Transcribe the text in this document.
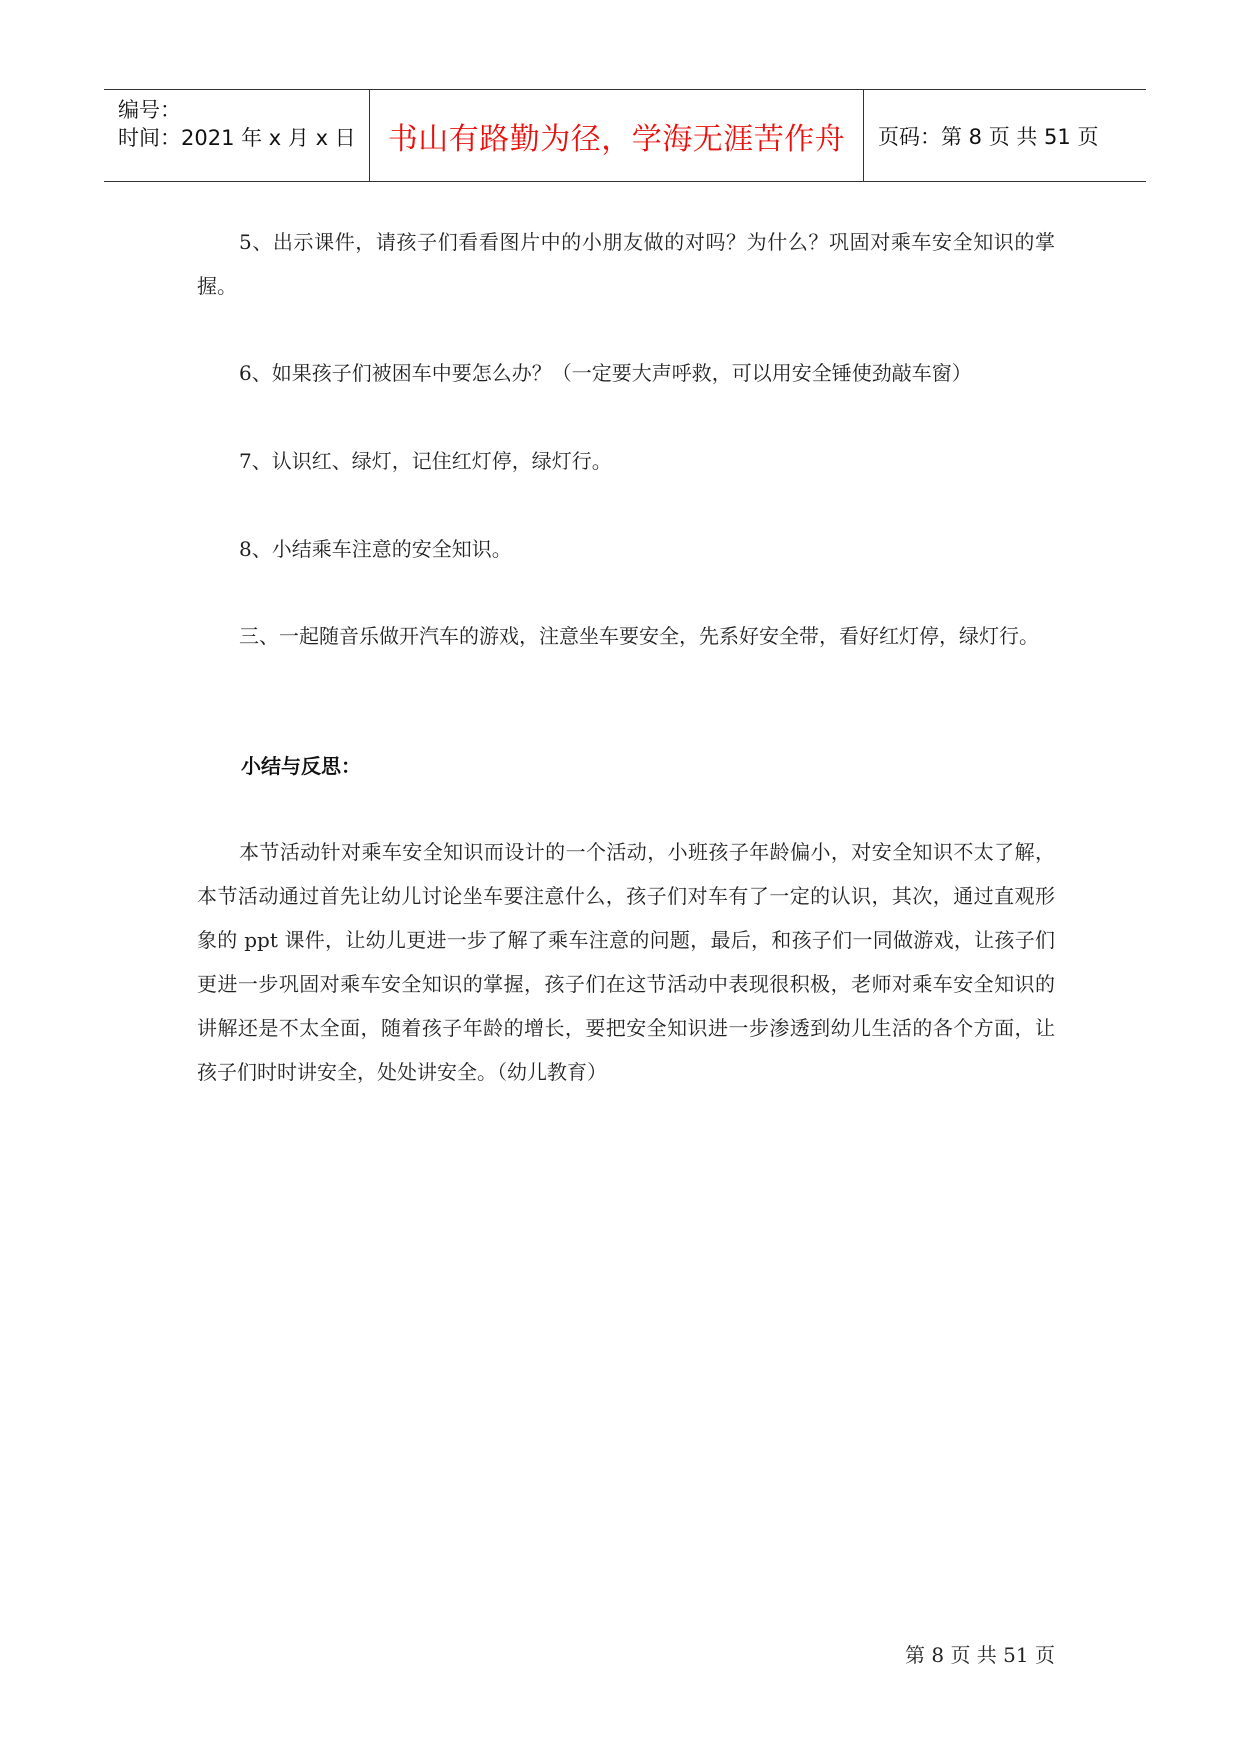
编号：
时间：2021 年 x 月 x 日 书山有路勤为径，学海无涯苦作舟 页码：第 8 页 共 51 页

5、出示课件，请孩子们看看图片中的小朋友做的对吗？为什么？巩固对乘车安全知识的掌握。

6、如果孩子们被困车中要怎么办？（一定要大声呼救，可以用安全锤使劲敲车窗）

7、认识红、绿灯，记住红灯停，绿灯行。

8、小结乘车注意的安全知识。

三、一起随音乐做开汽车的游戏，注意坐车要安全，先系好安全带，看好红灯停，绿灯行。

小结与反思：

本节活动针对乘车安全知识而设计的一个活动，小班孩子年龄偏小，对安全知识不太了解，本节活动通过首先让幼儿讨论坐车要注意什么，孩子们对车有了一定的认识，其次，通过直观形象的 ppt 课件，让幼儿更进一步了解了乘车注意的问题，最后，和孩子们一同做游戏，让孩子们更进一步巩固对乘车安全知识的掌握，孩子们在这节活动中表现很积极，老师对乘车安全知识的讲解还是不太全面，随着孩子年龄的增长，要把安全知识进一步渗透到幼儿生活的各个方面，让孩子们时时讲安全，处处讲安全。（幼儿教育）

第 8 页 共 51 页
